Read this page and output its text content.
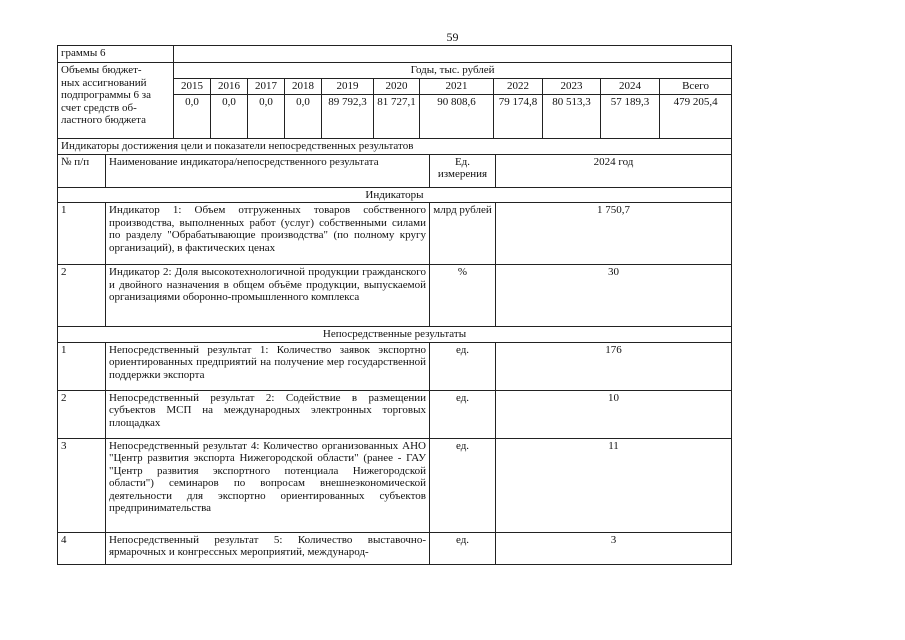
59
граммы 6											

Объемы бюджет-
ных ассигнований
подпрограммы 6 за
счет средств об-
ластного бюджета	Годы, тыс. рублей										
	2015	2016	2017	2018	2019	2020	2021	2022	2023	2024	Всего
	0,0	0,0	0,0	0,0	89 792,3	81 727,1	90 808,6	79 174,8	80 513,3	57 189,3	479 205,4
Индикаторы достижения цели и показатели непосредственных результатов			
№ п/п	Наименование индикатора/непосредственного результата	Ед. измерения	2024 год
Индикаторы			
1	Индикатор 1: Объем отгруженных товаров собственного производства, выполненных работ (услуг) собственными силами по разделу "Обрабатывающие производства" (по полному кругу организаций), в фактических ценах	млрд рублей	1 750,7
2	Индикатор 2: Доля высокотехнологичной продукции гражданского и двойного назначения в общем объёме продукции, выпускаемой организациями оборонно-промышленного комплекса	%	30
Непосредственные результаты			
1	Непосредственный результат 1: Количество заявок экспортно ориентированных предприятий на получение мер государственной поддержки экспорта	ед.	176
2	Непосредственный результат 2: Содействие в размещении субъектов МСП на международных электронных торговых площадках	ед.	10
3	Непосредственный результат 4: Количество организованных АНО "Центр развития экспорта Нижегородской области" (ранее - ГАУ "Центр развития экспортного потенциала Нижегородской области") семинаров по вопросам внешнеэкономической деятельности для экспортно ориентированных субъектов предпринимательства	ед.	11
4	Непосредственный результат 5: Количество выставочно-ярмарочных и конгрессных мероприятий, международ-	ед.	3
